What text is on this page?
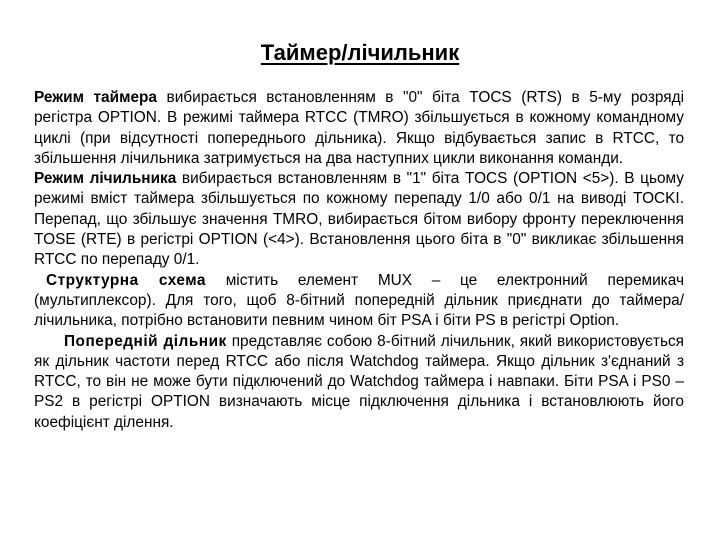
Таймер/лічильник

Режим таймера вибирається встановленням в "0" біта TOCS (RTS) в 5-му розряді регістра OPTION. В режимі таймера RTCC (TMRO) збільшується в кожному командному циклі (при відсутності попереднього дільника). Якщо відбувається запис в RTCC, то збільшення лічильника затримується на два наступних цикли виконання команди.

Режим лічильника вибирається встановленням в "1" біта TOCS (OPTION <5>). В цьому режимі вміст таймера збільшується по кожному перепаду 1/0 або 0/1 на виводі TOCKI. Перепад, що збільшує значення TMRO, вибирається бітом вибору фронту переключення TOSE (RTE) в регістрі OPTION (<4>). Встановлення цього біта в "0" викликає збільшення RTCC по перепаду 0/1.

Структурна схема містить елемент MUX – це електронний перемикач (мультиплексор). Для того, щоб 8-бітний попередній дільник приєднати до таймера/лічильника, потрібно встановити певним чином біт PSA і біти PS в регістрі Option.

Попередній дільник представляє собою 8-бітний лічильник, який використовується як дільник частоти перед RTCC або після Watchdog таймера. Якщо дільник з'єднаний з RTCC, то він не може бути підключений до Watchdog таймера і навпаки. Біти PSA і PS0 – PS2 в регістрі OPTION визначають місце підключення дільника і встановлюють його коефіцієнт ділення.
